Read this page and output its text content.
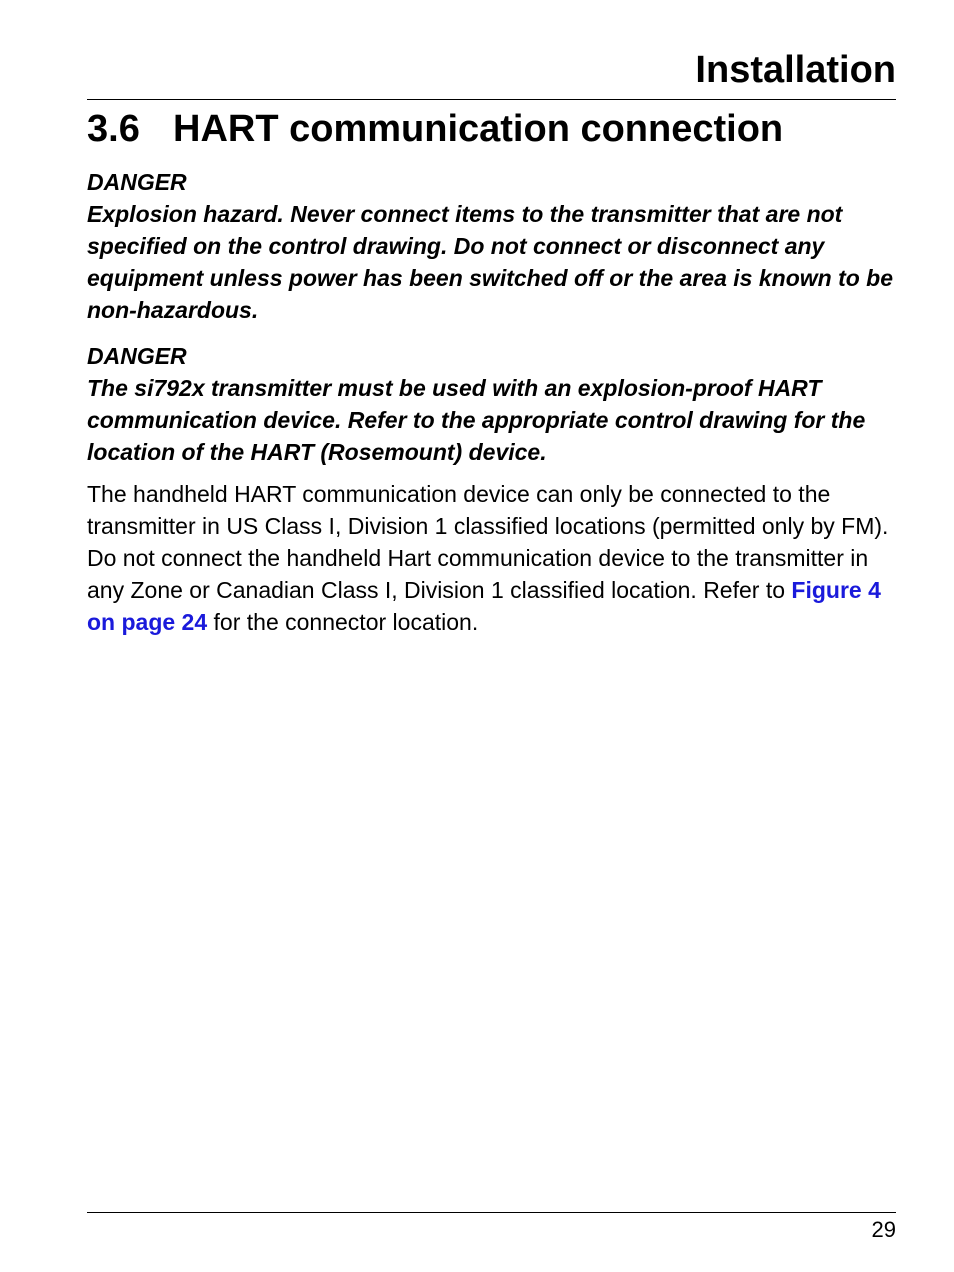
Installation
3.6 HART communication connection
DANGER
Explosion hazard. Never connect items to the transmitter that are not specified on the control drawing. Do not connect or disconnect any equipment unless power has been switched off or the area is known to be non-hazardous.
DANGER
The si792x transmitter must be used with an explosion-proof HART communication device. Refer to the appropriate control drawing for the location of the HART (Rosemount) device.

The handheld HART communication device can only be connected to the transmitter in US Class I, Division 1 classified locations (permitted only by FM). Do not connect the handheld Hart communication device to the transmitter in any Zone or Canadian Class I, Division 1 classified location. Refer to Figure 4 on page 24 for the connector location.

29
